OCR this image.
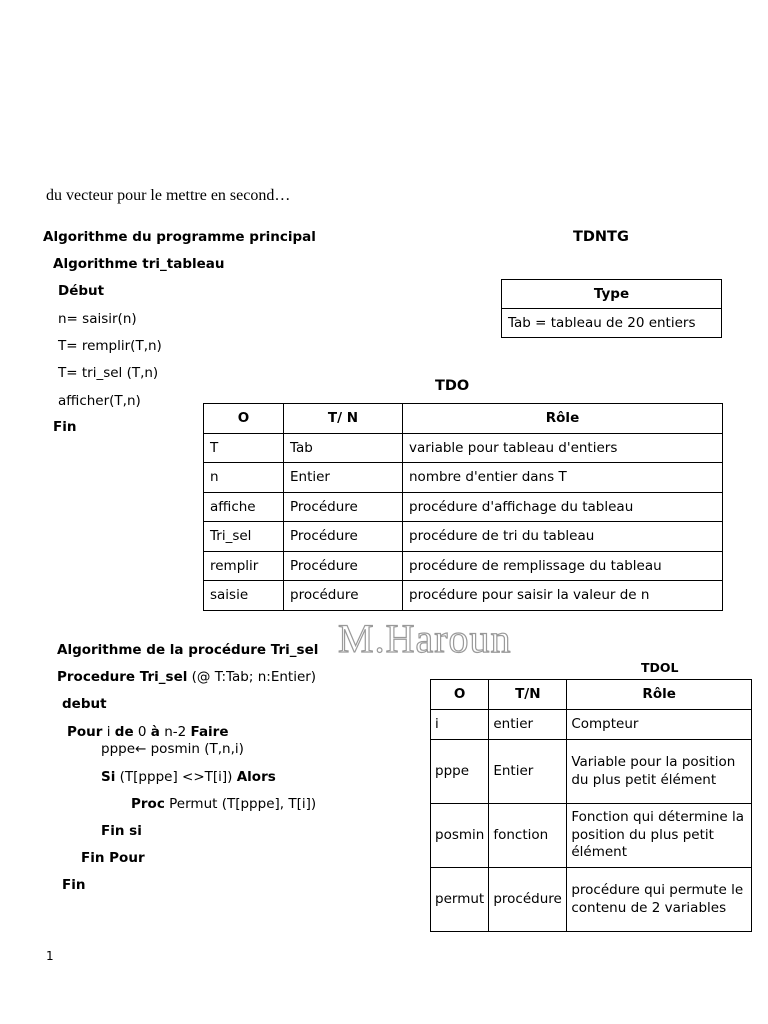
du vecteur pour le mettre en second…
Algorithme du programme principal
Algorithme tri_tableau
Début
n= saisir(n)
T= remplir(T,n)
T= tri_sel (T,n)
afficher(T,n)
Fin
TDNTG
Type
Tab = tableau de 20 entiers
TDO
O	T/ N	Rôle
T	Tab	variable pour tableau d'entiers
n	Entier	nombre d'entier dans T
affiche	Procédure	procédure d'affichage du tableau
Tri_sel	Procédure	procédure de tri du tableau
remplir	Procédure	procédure de remplissage du tableau
saisie	procédure	procédure pour saisir la valeur de n
M.Haroun
Algorithme de la procédure Tri_sel
Procedure Tri_sel (@ T:Tab; n:Entier)
debut
Pour i de 0 à n-2 Faire
pppe← posmin (T,n,i)
Si (T[pppe] <>T[i]) Alors
Proc Permut (T[pppe], T[i])
Fin si
Fin Pour
Fin
TDOL
O	T/N	Rôle
i	entier	Compteur
pppe	Entier	Variable pour la position du plus petit élément
posmin	fonction	Fonction qui détermine la position du plus petit élément
permut	procédure	procédure qui permute le contenu de 2 variables
1
